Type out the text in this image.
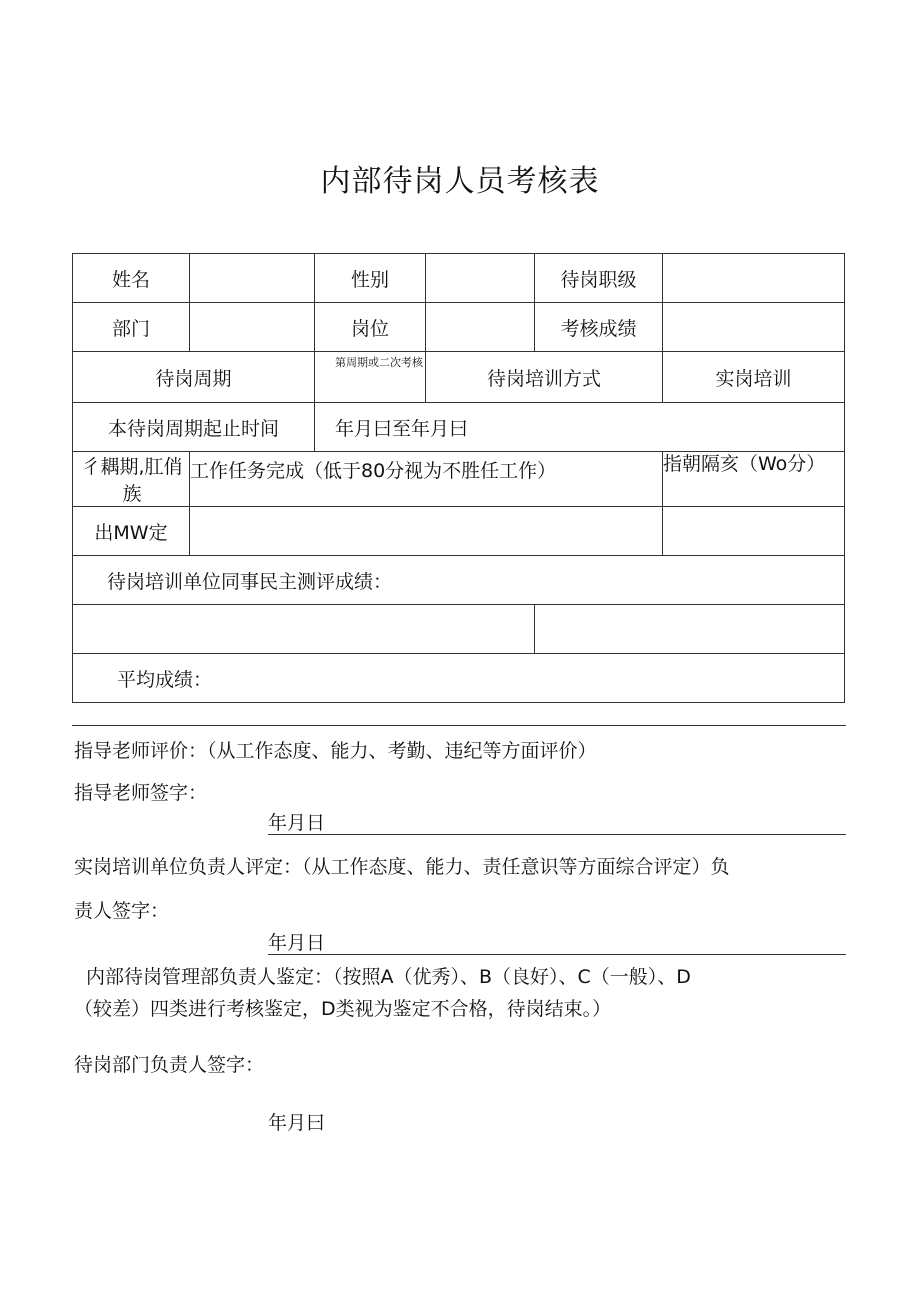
内部待岗人员考核表
姓名		性别		待岗职级	
部门		岗位		考核成绩	
待岗周期		第周期或二次考核	待岗培训方式		实岗培训
本待岗周期起止时间		年月曰至年月曰			
彳耦期,肛俏族	工作任务完成（低于80分视为不胜任工作）				指朝隔亥（Wo分）
出MW定					
待岗培训单位同事民主测评成绩：					

平均成绩：					
指导老师评价：（从工作态度、能力、考勤、违纪等方面评价）
指导老师签字：
年月日
实岗培训单位负责人评定：（从工作态度、能力、责任意识等方面综合评定）负
责人签字：
年月日
内部待岗管理部负责人鉴定：（按照A（优秀）、B（良好）、C（一般）、D
（较差）四类进行考核鉴定，D类视为鉴定不合格，待岗结束。）
待岗部门负责人签字：
年月曰
